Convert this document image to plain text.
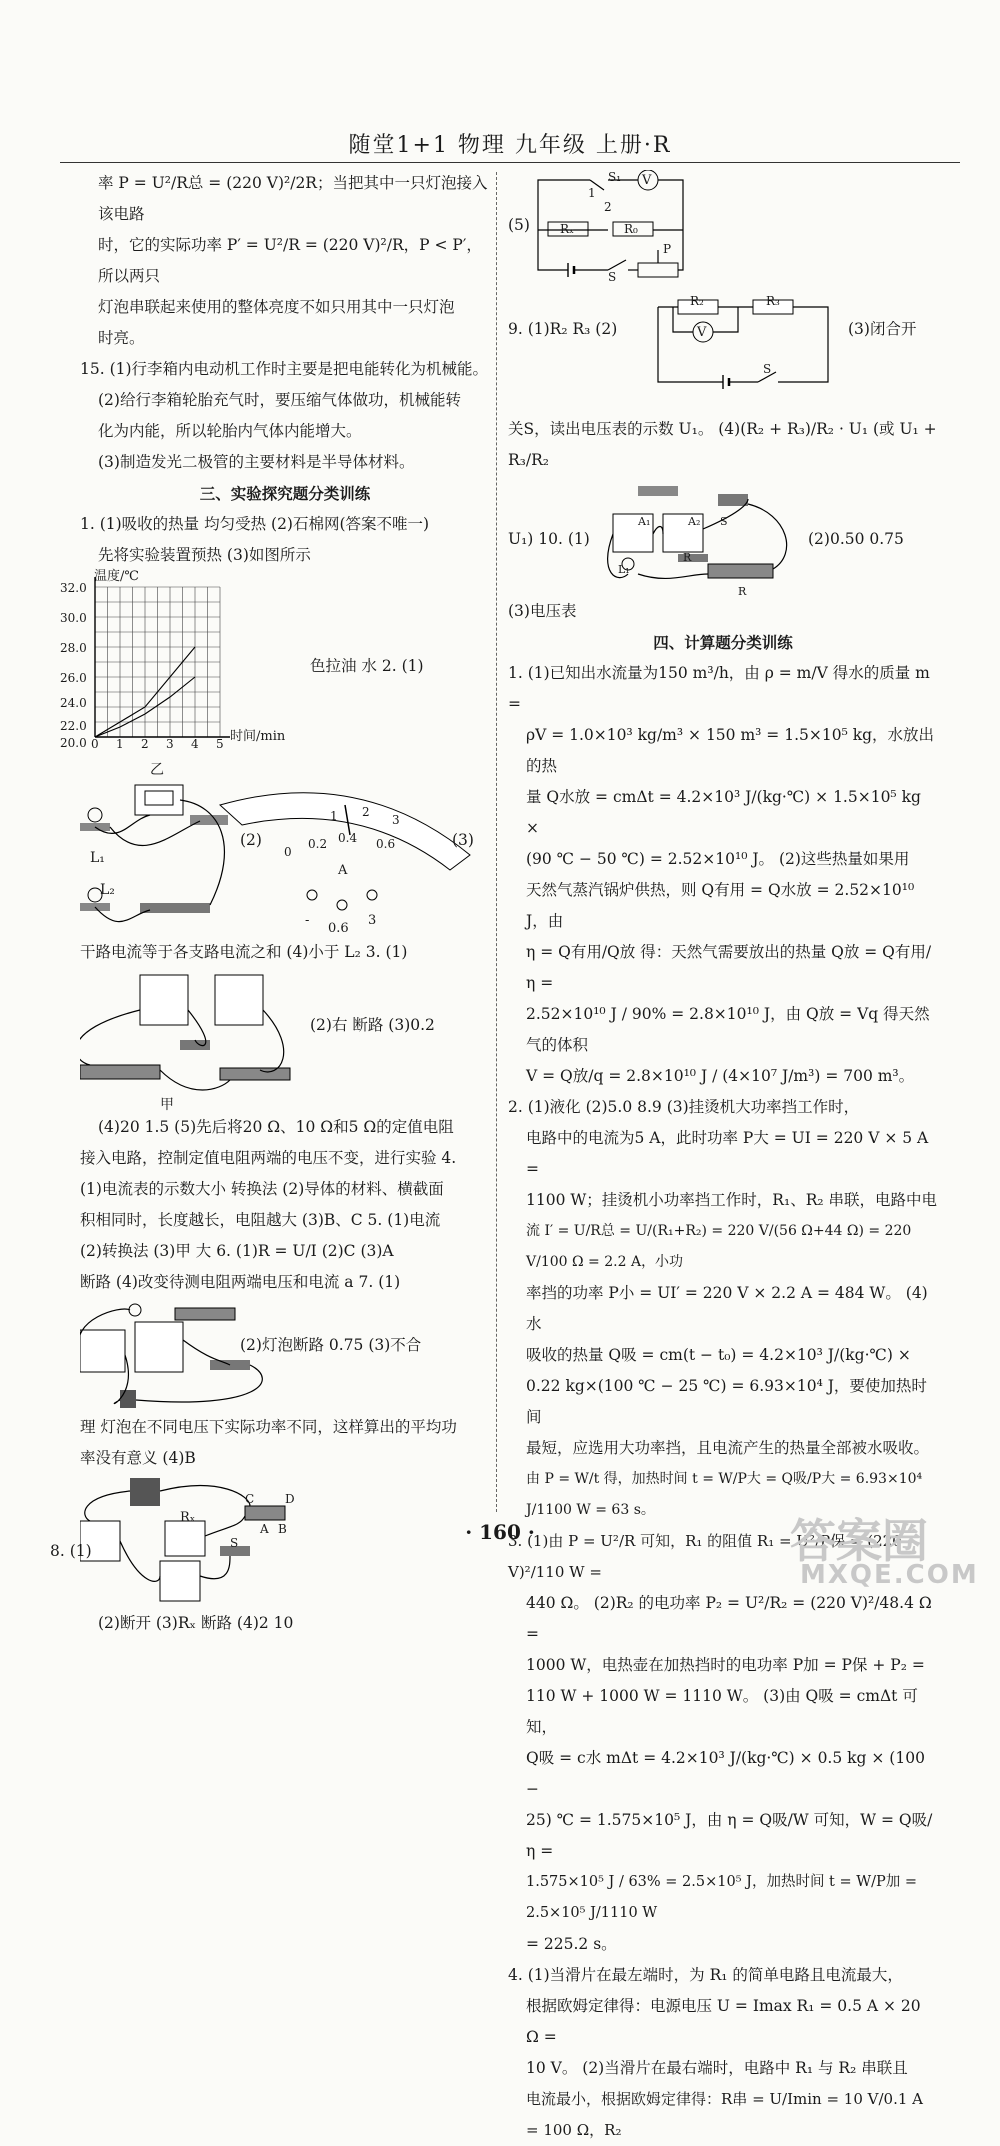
随堂1+1 物理 九年级 上册·R

率 P = U²/R总 = (220 V)²/2R；当把其中一只灯泡接入该电路

时，它的实际功率 P′ = U²/R = (220 V)²/R，P < P′，所以两只

灯泡串联起来使用的整体亮度不如只用其中一只灯泡

时亮。

15. (1)行李箱内电动机工作时主要是把电能转化为机械能。

(2)给行李箱轮胎充气时，要压缩气体做功，机械能转

化为内能，所以轮胎内气体内能增大。

(3)制造发光二极管的主要材料是半导体材料。

三、实验探究题分类训练

1. (1)吸收的热量 均匀受热 (2)石棉网(答案不唯一)

先将实验装置预热 (3)如图所示

温度/℃
时间/min
32.0
30.0
28.0
26.0
24.0
22.0
20.0 0 1 2 3 4 5
色拉油 水 2. (1)
乙
L₁
L₂
(2)	(3)
0
0.2 0.4 0.6
1 2
3
A
-
0.6
3

干路电流等于各支路电流之和 (4)小于 L₂ 3. (1)

甲
(2)右 断路 (3)0.2

(4)20 1.5 (5)先后将20 Ω、10 Ω和5 Ω的定值电阻

接入电路，控制定值电阻两端的电压不变，进行实验 4.

(1)电流表的示数大小 转换法 (2)导体的材料、横截面

积相同时，长度越长，电阻越大 (3)B、C 5. (1)电流

(2)转换法 (3)甲 大 6. (1)R = U/I (2)C (3)A

断路 (4)改变待测电阻两端电压和电流 a 7. (1)

(2)灯泡断路 0.75 (3)不合

理 灯泡在不同电压下实际功率不同，这样算出的平均功

率没有意义 (4)B

8. (1)
Rₓ
C	D
A B
S

(2)断开 (3)Rₓ 断路 (4)2 10

(5)
S₁
1
2
V
Rₓ	R₀
P
S
R₂	R₃
V
S
9. (1)R₂ R₃ (2)	(3)闭合开

关S，读出电压表的示数 U₁。 (4)(R₂ + R₃)/R₂ · U₁ (或 U₁ + R₃/R₂

U₁) 10. (1)
A₁	A₂ S
L₁
R
R
(2)0.50 0.75

(3)电压表

四、计算题分类训练

1. (1)已知出水流量为150 m³/h，由 ρ = m/V 得水的质量 m =

ρV = 1.0×10³ kg/m³ × 150 m³ = 1.5×10⁵ kg，水放出的热

量 Q水放 = cmΔt = 4.2×10³ J/(kg·℃) × 1.5×10⁵ kg ×

(90 ℃ − 50 ℃) = 2.52×10¹⁰ J。 (2)这些热量如果用

天然气蒸汽锅炉供热，则 Q有用 = Q水放 = 2.52×10¹⁰ J，由

η = Q有用/Q放 得：天然气需要放出的热量 Q放 = Q有用/η =

2.52×10¹⁰ J / 90% = 2.8×10¹⁰ J，由 Q放 = Vq 得天然气的体积

V = Q放/q = 2.8×10¹⁰ J / (4×10⁷ J/m³) = 700 m³。

2. (1)液化 (2)5.0 8.9 (3)挂烫机大功率挡工作时，

电路中的电流为5 A，此时功率 P大 = UI = 220 V × 5 A =

1100 W；挂烫机小功率挡工作时，R₁、R₂ 串联，电路中电

流 I′ = U/R总 = U/(R₁+R₂) = 220 V/(56 Ω+44 Ω) = 220 V/100 Ω = 2.2 A，小功

率挡的功率 P小 = UI′ = 220 V × 2.2 A = 484 W。 (4)水

吸收的热量 Q吸 = cm(t − t₀) = 4.2×10³ J/(kg·℃) ×

0.22 kg×(100 ℃ − 25 ℃) = 6.93×10⁴ J，要使加热时间

最短，应选用大功率挡，且电流产生的热量全部被水吸收。

由 P = W/t 得，加热时间 t = W/P大 = Q吸/P大 = 6.93×10⁴ J/1100 W = 63 s。

3. (1)由 P = U²/R 可知，R₁ 的阻值 R₁ = U²/P保 = (220 V)²/110 W =

440 Ω。 (2)R₂ 的电功率 P₂ = U²/R₂ = (220 V)²/48.4 Ω =

1000 W，电热壶在加热挡时的电功率 P加 = P保 + P₂ =

110 W + 1000 W = 1110 W。 (3)由 Q吸 = cmΔt 可知，

Q吸 = c水 mΔt = 4.2×10³ J/(kg·℃) × 0.5 kg × (100 −

25) ℃ = 1.575×10⁵ J，由 η = Q吸/W 可知，W = Q吸/η =

1.575×10⁵ J / 63% = 2.5×10⁵ J，加热时间 t = W/P加 = 2.5×10⁵ J/1110 W

= 225.2 s。

4. (1)当滑片在最左端时，为 R₁ 的简单电路且电流最大，

根据欧姆定律得：电源电压 U = Imax R₁ = 0.5 A × 20 Ω =

10 V。 (2)当滑片在最右端时，电路中 R₁ 与 R₂ 串联且

电流最小，根据欧姆定律得：R串 = U/Imin = 10 V/0.1 A = 100 Ω，R₂

· 160 ·	答案圈
MXQE.COM
